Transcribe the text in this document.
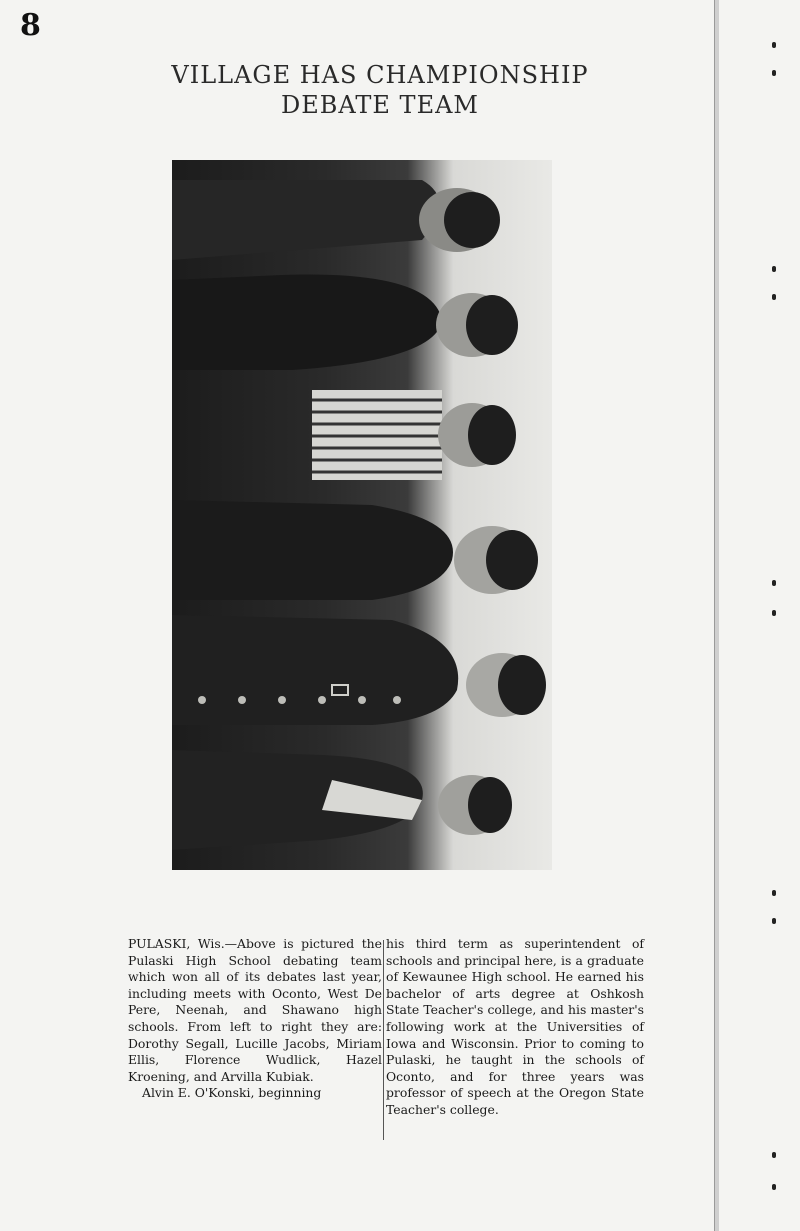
8
VILLAGE HAS CHAMPIONSHIP
DEBATE TEAM

PULASKI, Wis.—Above is pictured the Pulaski High School debating team which won all of its debates last year, including meets with Oconto, West De Pere, Neenah, and Shawano high schools. From left to right they are: Dorothy Segall, Lucille Jacobs, Miriam Ellis, Florence Wudlick, Hazel Kroening, and Arvilla Kubiak.

Alvin E. O'Konski, beginning

his third term as superintendent of schools and principal here, is a graduate of Kewaunee High school. He earned his bachelor of arts degree at Oshkosh State Teacher's college, and his master's following work at the Universities of Iowa and Wisconsin. Prior to coming to Pulaski, he taught in the schools of Oconto, and for three years was professor of speech at the Oregon State Teacher's college.
